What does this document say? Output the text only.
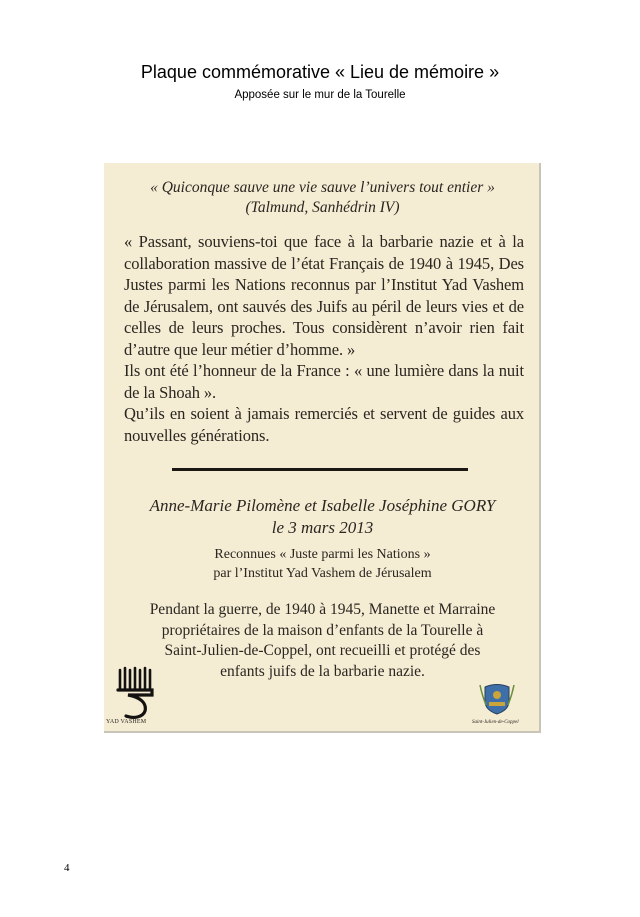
Plaque commémorative « Lieu de mémoire »
Apposée sur le mur de la Tourelle
« Quiconque sauve une vie sauve l’univers tout entier »
(Talmund, Sanhédrin IV)

« Passant, souviens-toi que face à la barbarie nazie et à la collaboration massive de l’état Français de 1940 à 1945, Des Justes parmi les Nations reconnus par l’Institut Yad Vashem de Jérusalem, ont sauvés des Juifs au péril de leurs vies et de celles de leurs proches. Tous considèrent n’avoir rien fait d’autre que leur métier d’homme. »

Ils ont été l’honneur de la France : « une lumière dans la nuit de la Shoah ».

Qu’ils en soient à jamais remerciés et servent de guides aux nouvelles générations.

Anne-Marie Pilomène et Isabelle Joséphine GORY
le 3 mars 2013
Reconnues « Juste parmi les Nations »
par l’Institut Yad Vashem de Jérusalem
Pendant la guerre, de 1940 à 1945, Manette et Marraine
propriétaires de la maison d’enfants de la Tourelle à
Saint-Julien-de-Coppel, ont recueilli et protégé des
enfants juifs de la barbarie nazie.
YAD VASHEM	Saint-Julien-de-Coppel
4
